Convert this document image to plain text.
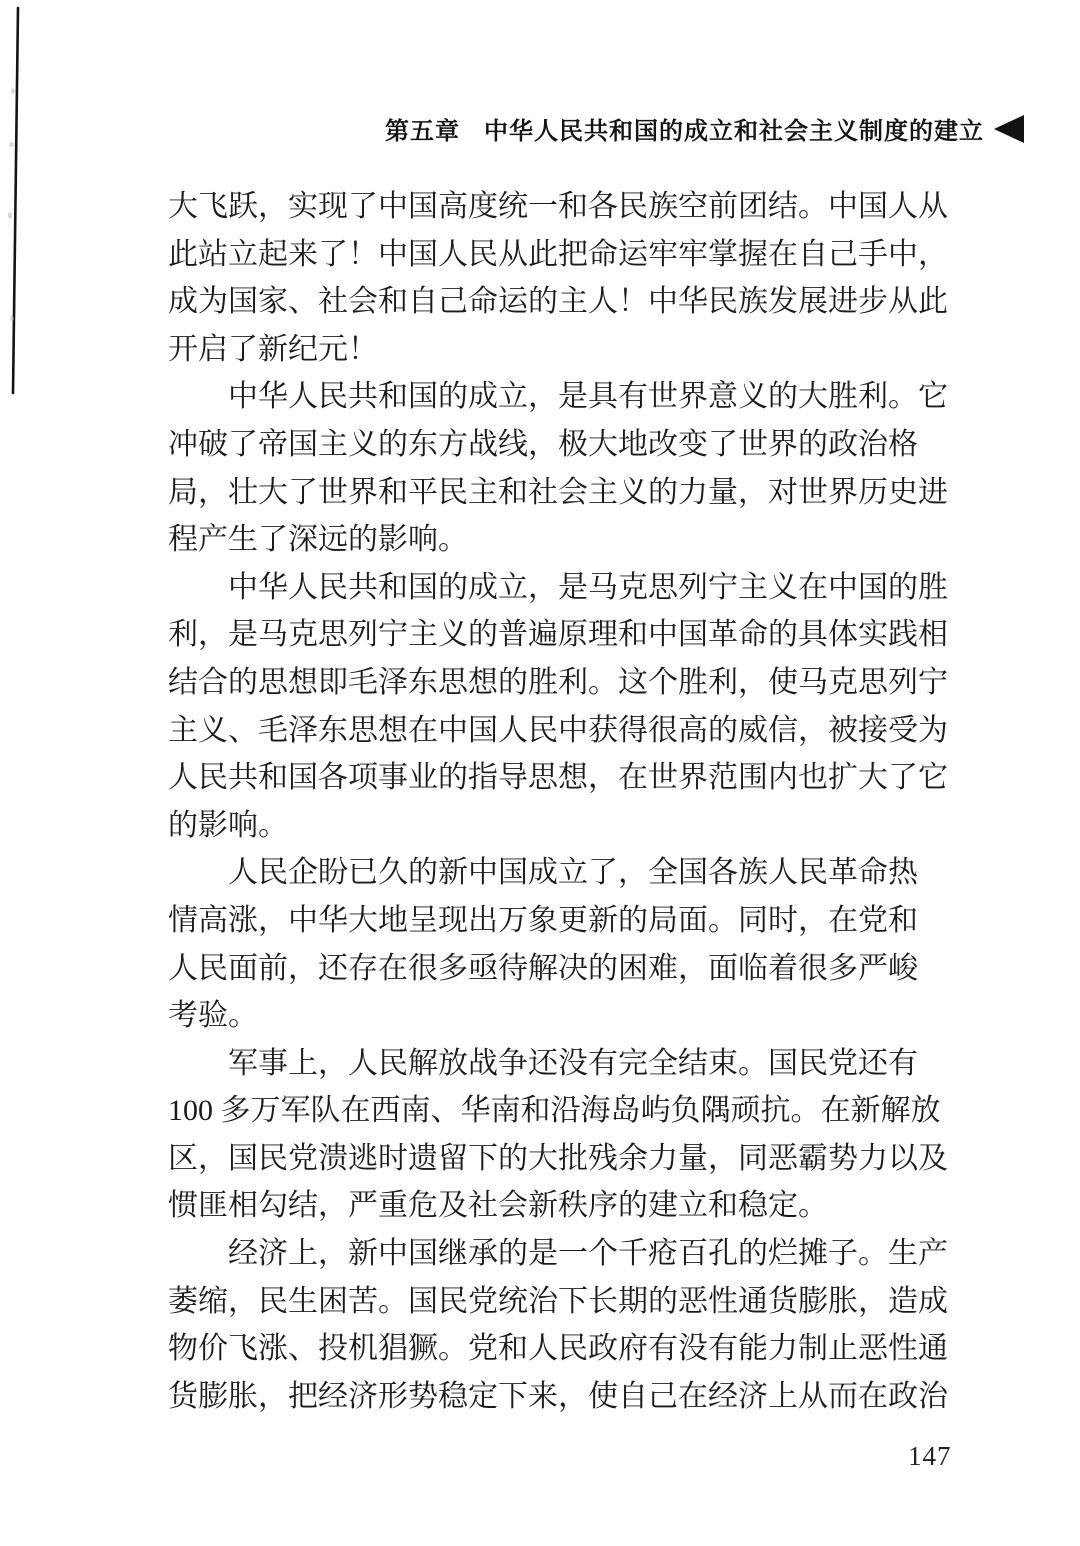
第五章 中华人民共和国的成立和社会主义制度的建立
大飞跃，实现了中国高度统一和各民族空前团结。中国人从
此站立起来了！中国人民从此把命运牢牢掌握在自己手中，
成为国家、社会和自己命运的主人！中华民族发展进步从此
开启了新纪元！
中华人民共和国的成立，是具有世界意义的大胜利。它
冲破了帝国主义的东方战线，极大地改变了世界的政治格
局，壮大了世界和平民主和社会主义的力量，对世界历史进
程产生了深远的影响。
中华人民共和国的成立，是马克思列宁主义在中国的胜
利，是马克思列宁主义的普遍原理和中国革命的具体实践相
结合的思想即毛泽东思想的胜利。这个胜利，使马克思列宁
主义、毛泽东思想在中国人民中获得很高的威信，被接受为
人民共和国各项事业的指导思想，在世界范围内也扩大了它
的影响。
人民企盼已久的新中国成立了，全国各族人民革命热
情高涨，中华大地呈现出万象更新的局面。同时，在党和
人民面前，还存在很多亟待解决的困难，面临着很多严峻
考验。
军事上，人民解放战争还没有完全结束。国民党还有
100 多万军队在西南、华南和沿海岛屿负隅顽抗。在新解放
区，国民党溃逃时遗留下的大批残余力量，同恶霸势力以及
惯匪相勾结，严重危及社会新秩序的建立和稳定。
经济上，新中国继承的是一个千疮百孔的烂摊子。生产
萎缩，民生困苦。国民党统治下长期的恶性通货膨胀，造成
物价飞涨、投机猖獗。党和人民政府有没有能力制止恶性通
货膨胀，把经济形势稳定下来，使自己在经济上从而在政治
147
